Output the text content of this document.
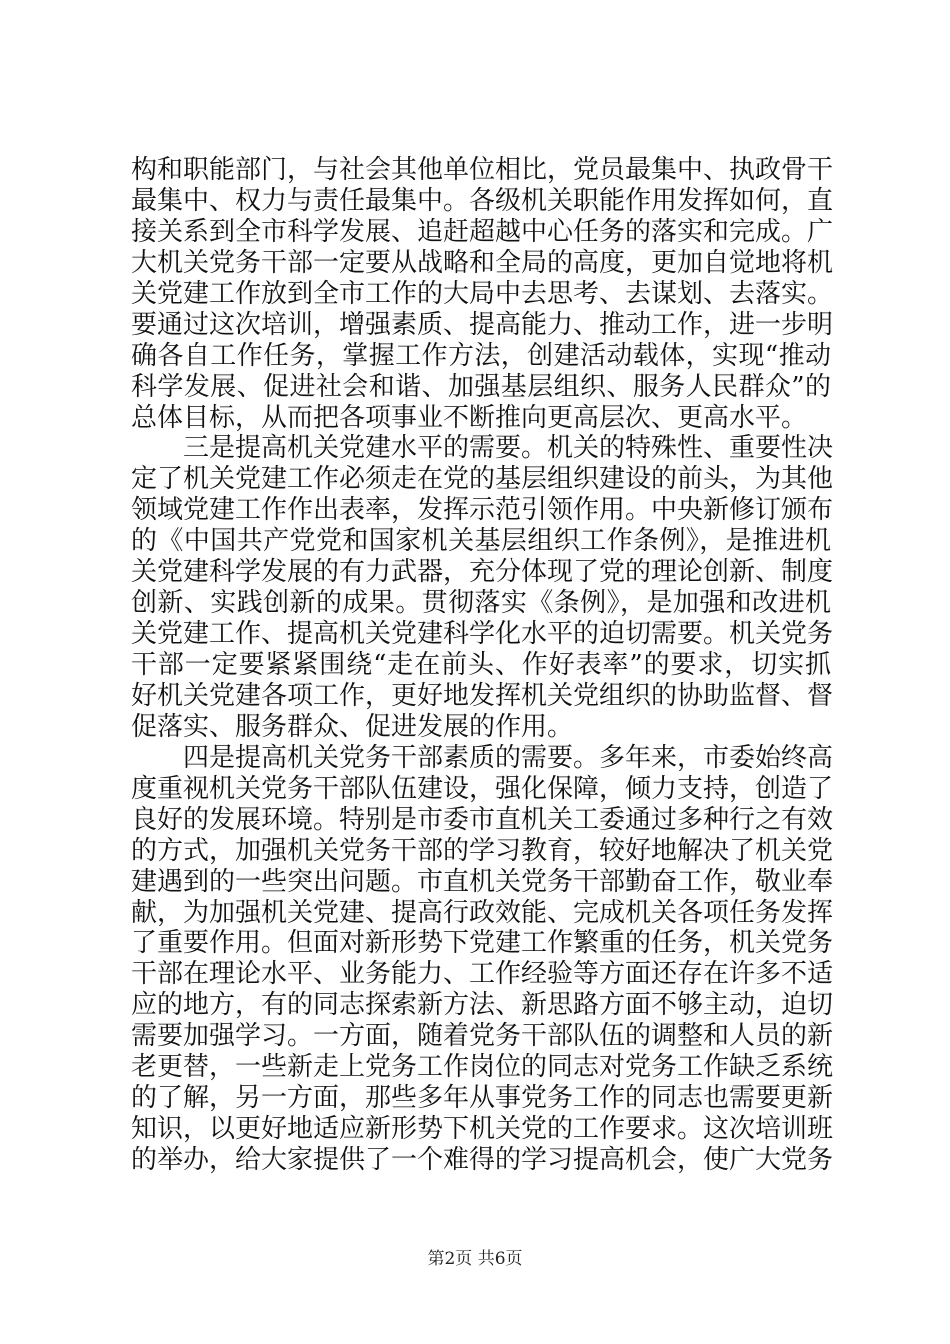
构和职能部门，与社会其他单位相比，党员最集中、执政骨干
最集中、权力与责任最集中。各级机关职能作用发挥如何，直
接关系到全市科学发展、追赶超越中心任务的落实和完成。广
大机关党务干部一定要从战略和全局的高度，更加自觉地将机
关党建工作放到全市工作的大局中去思考、去谋划、去落实。
要通过这次培训，增强素质、提高能力、推动工作，进一步明
确各自工作任务，掌握工作方法，创建活动载体，实现“推动
科学发展、促进社会和谐、加强基层组织、服务人民群众”的
总体目标，从而把各项事业不断推向更高层次、更高水平。
　　三是提高机关党建水平的需要。机关的特殊性、重要性决
定了机关党建工作必须走在党的基层组织建设的前头，为其他
领域党建工作作出表率，发挥示范引领作用。中央新修订颁布
的《中国共产党党和国家机关基层组织工作条例》，是推进机
关党建科学发展的有力武器，充分体现了党的理论创新、制度
创新、实践创新的成果。贯彻落实《条例》，是加强和改进机
关党建工作、提高机关党建科学化水平的迫切需要。机关党务
干部一定要紧紧围绕“走在前头、作好表率”的要求，切实抓
好机关党建各项工作，更好地发挥机关党组织的协助监督、督
促落实、服务群众、促进发展的作用。
　　四是提高机关党务干部素质的需要。多年来，市委始终高
度重视机关党务干部队伍建设，强化保障，倾力支持，创造了
良好的发展环境。特别是市委市直机关工委通过多种行之有效
的方式，加强机关党务干部的学习教育，较好地解决了机关党
建遇到的一些突出问题。市直机关党务干部勤奋工作，敬业奉
献，为加强机关党建、提高行政效能、完成机关各项任务发挥
了重要作用。但面对新形势下党建工作繁重的任务，机关党务
干部在理论水平、业务能力、工作经验等方面还存在许多不适
应的地方，有的同志探索新方法、新思路方面不够主动，迫切
需要加强学习。一方面，随着党务干部队伍的调整和人员的新
老更替，一些新走上党务工作岗位的同志对党务工作缺乏系统
的了解，另一方面，那些多年从事党务工作的同志也需要更新
知识，以更好地适应新形势下机关党的工作要求。这次培训班
的举办，给大家提供了一个难得的学习提高机会，使广大党务
第2页 共6页
